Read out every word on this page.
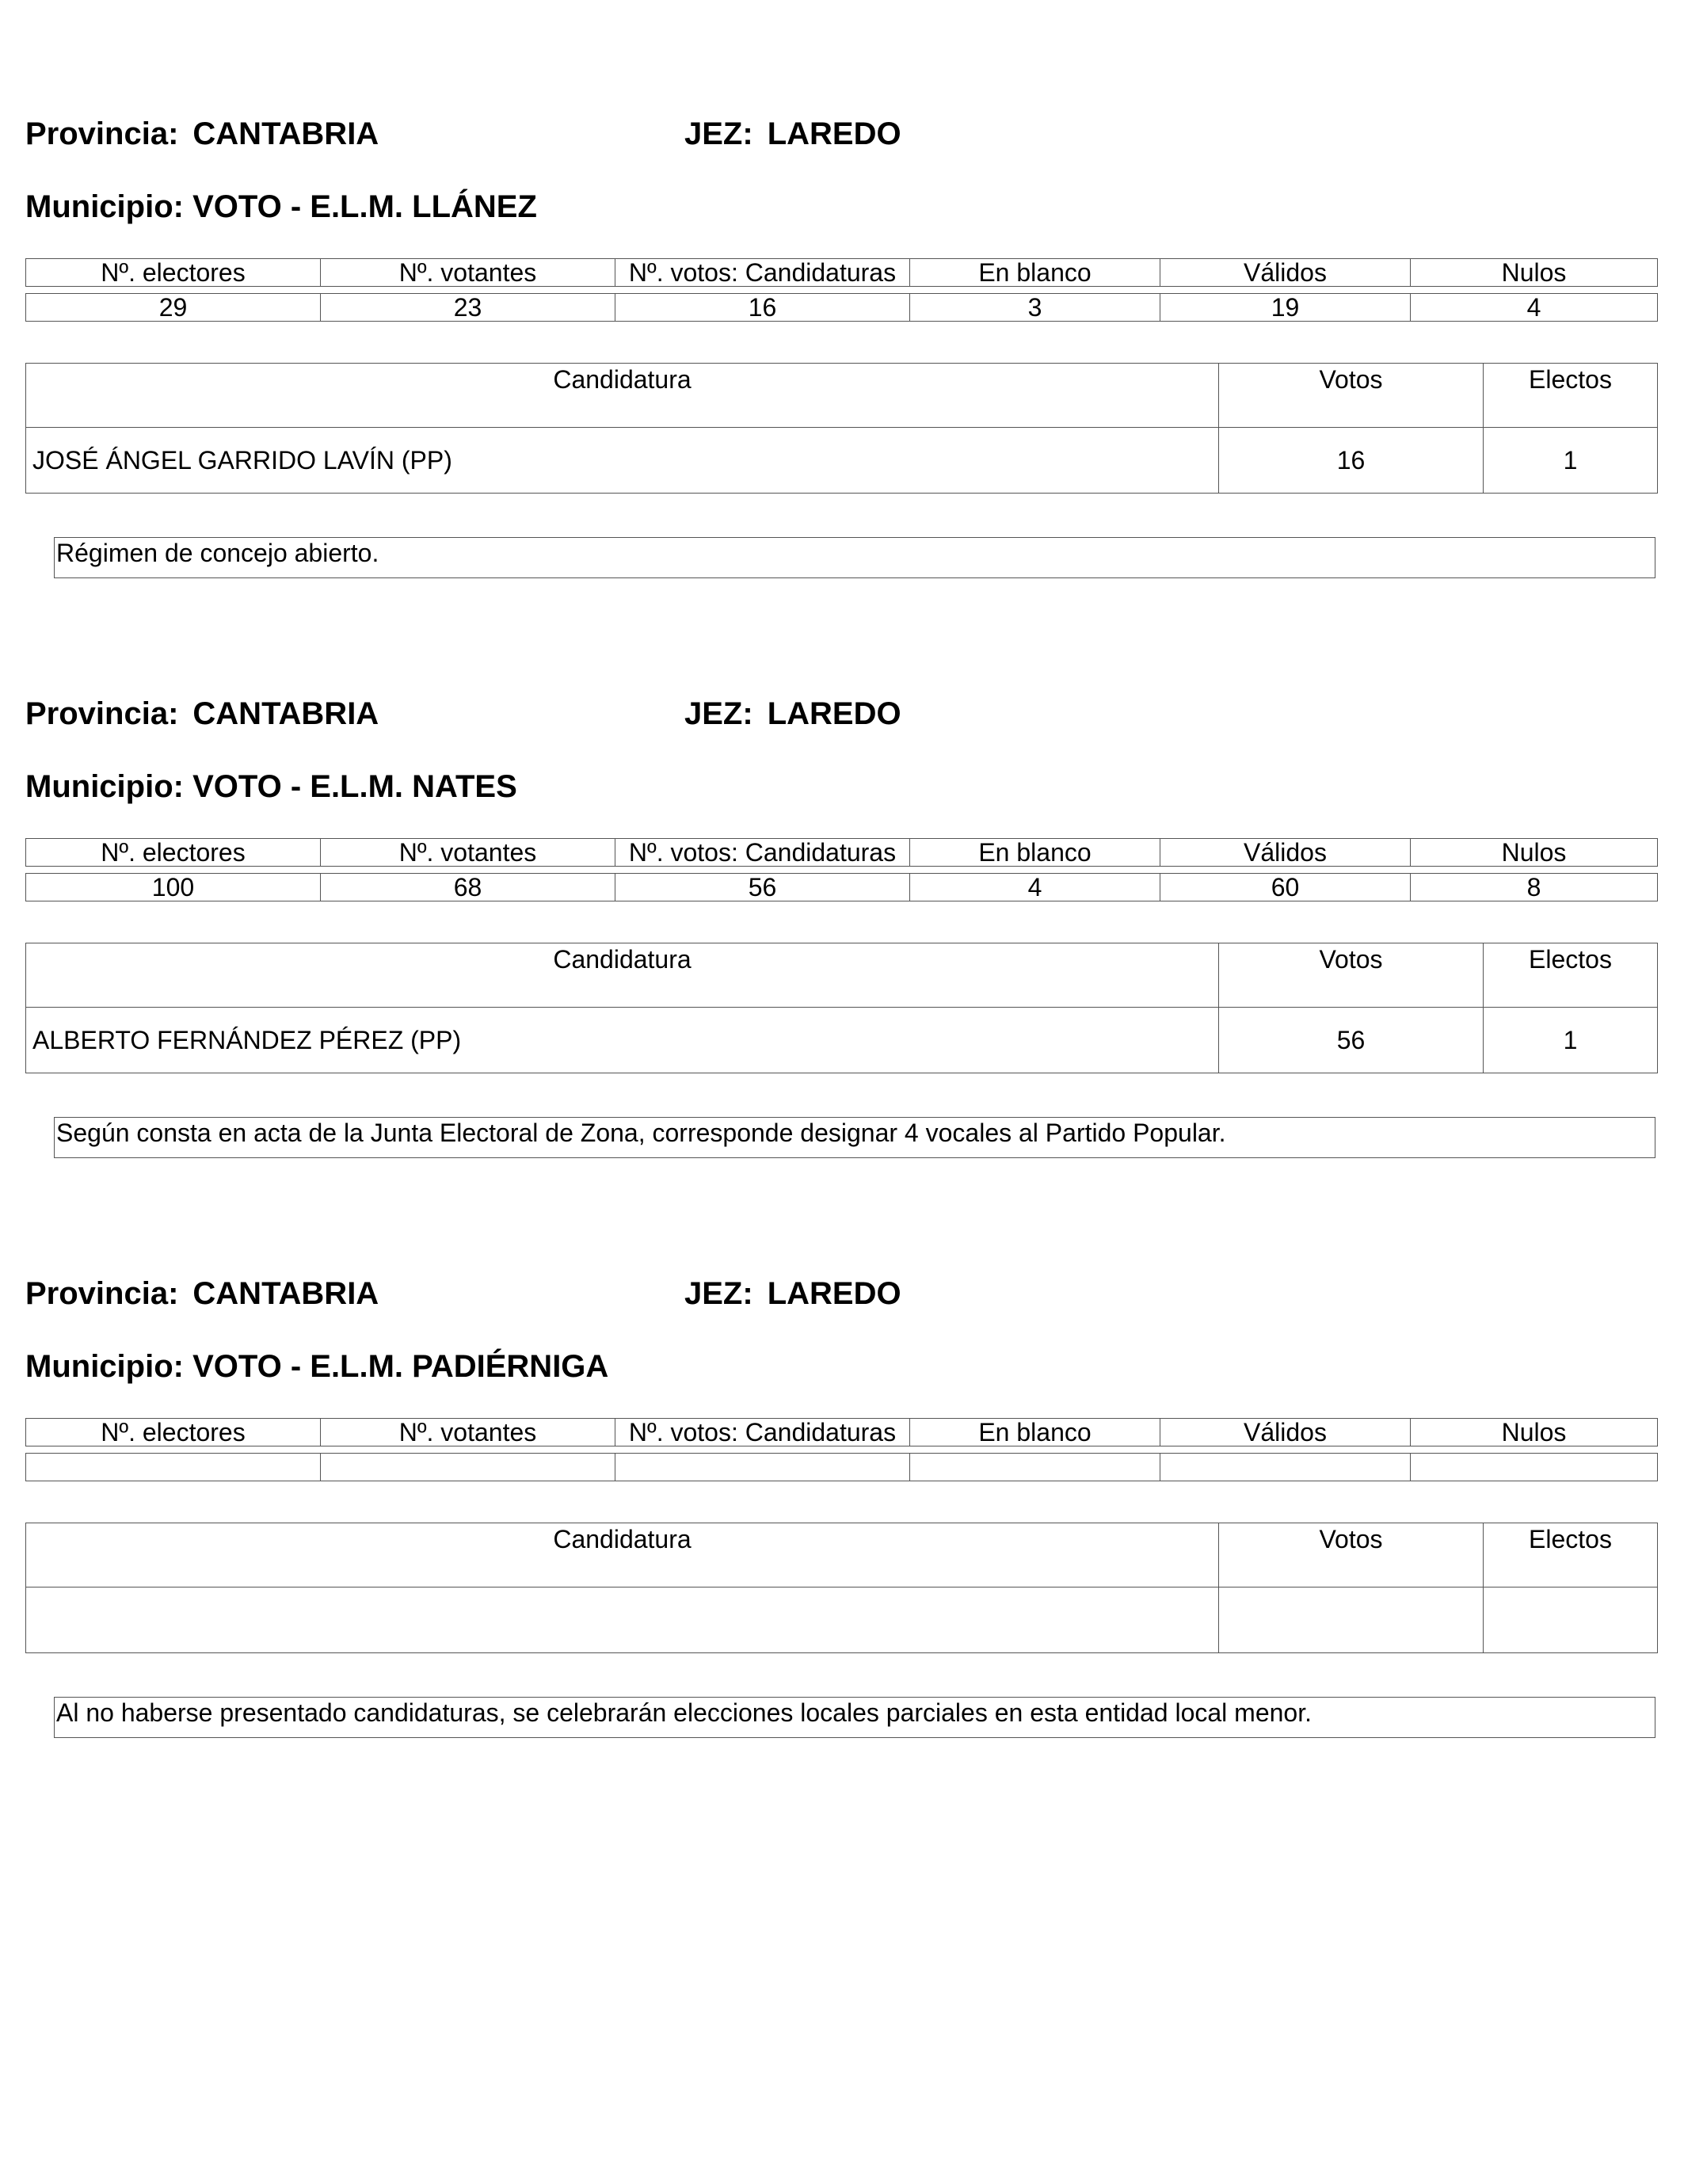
Provincia: CANTABRIA	JEZ: LAREDO
Municipio: VOTO - E.L.M. LLÁNEZ
Nº. electores	Nº. votantes	Nº. votos: Candidaturas	En blanco	Válidos	Nulos

29	23	16	3	19	4
Candidatura	Votos	Electos
JOSÉ ÁNGEL GARRIDO LAVÍN (PP)	16	1
Régimen de concejo abierto.
Provincia: CANTABRIA	JEZ: LAREDO
Municipio: VOTO - E.L.M. NATES
Nº. electores	Nº. votantes	Nº. votos: Candidaturas	En blanco	Válidos	Nulos

100	68	56	4	60	8
Candidatura	Votos	Electos
ALBERTO FERNÁNDEZ PÉREZ (PP)	56	1
Según consta en acta de la Junta Electoral de Zona, corresponde designar 4 vocales al Partido Popular.
Provincia: CANTABRIA	JEZ: LAREDO
Municipio: VOTO - E.L.M. PADIÉRNIGA
Nº. electores	Nº. votantes	Nº. votos: Candidaturas	En blanco	Válidos	Nulos

Candidatura	Votos	Electos

Al no haberse presentado candidaturas, se celebrarán elecciones locales parciales en esta entidad local menor.
